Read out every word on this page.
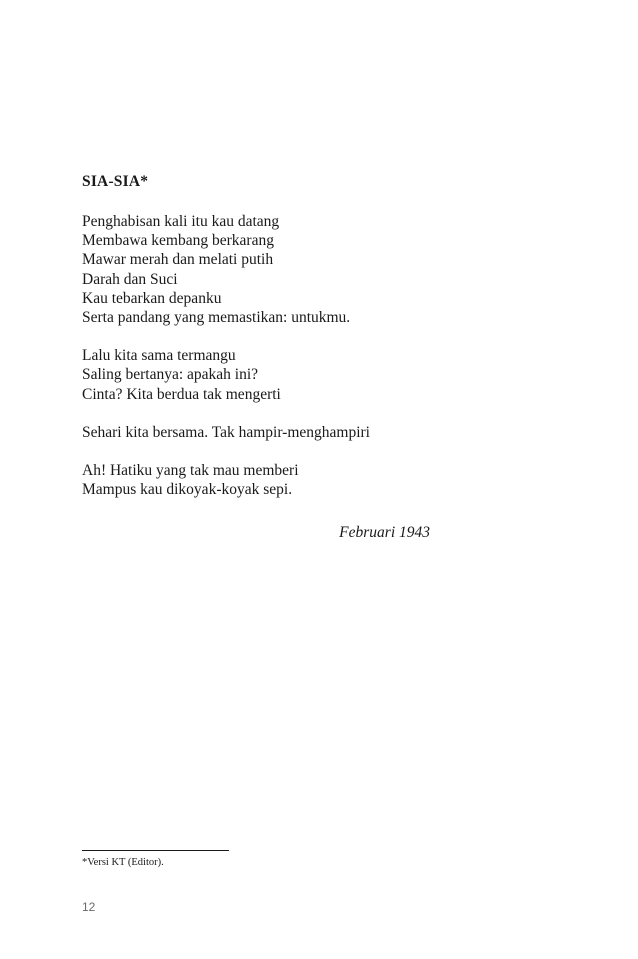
SIA-SIA*
Penghabisan kali itu kau datang
Membawa kembang berkarang
Mawar merah dan melati putih
Darah dan Suci
Kau tebarkan depanku
Serta pandang yang memastikan: untukmu.
Lalu kita sama termangu
Saling bertanya: apakah ini?
Cinta? Kita berdua tak mengerti
Sehari kita bersama. Tak hampir-menghampiri
Ah! Hatiku yang tak mau memberi
Mampus kau dikoyak-koyak sepi.
Februari 1943
*Versi KT (Editor).
12
